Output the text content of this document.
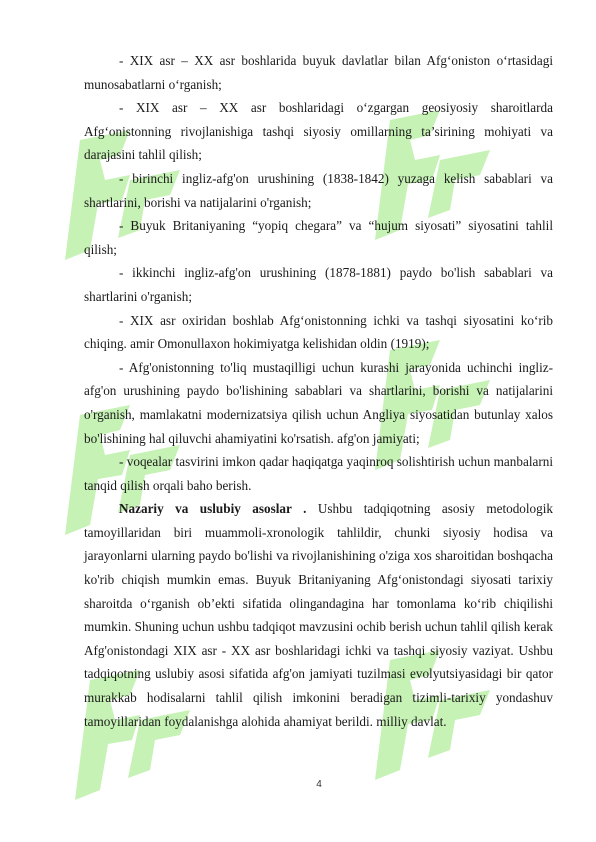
- XIX asr – XX asr boshlarida buyuk davlatlar bilan Afg‘oniston o‘rtasidagi munosabatlarni o‘rganish;

- XIX asr – XX asr boshlaridagi o‘zgargan geosiyosiy sharoitlarda Afg‘onistonning rivojlanishiga tashqi siyosiy omillarning ta’sirining mohiyati va darajasini tahlil qilish;

- birinchi ingliz-afg'on urushining (1838-1842) yuzaga kelish sabablari va shartlarini, borishi va natijalarini o'rganish;

- Buyuk Britaniyaning “yopiq chegara” va “hujum siyosati” siyosatini tahlil qilish;

- ikkinchi ingliz-afg'on urushining (1878-1881) paydo bo'lish sabablari va shartlarini o'rganish;

- XIX asr oxiridan boshlab Afg‘onistonning ichki va tashqi siyosatini ko‘rib chiqing. amir Omonullaxon hokimiyatga kelishidan oldin (1919);

- Afg'onistonning to'liq mustaqilligi uchun kurashi jarayonida uchinchi ingliz-afg'on urushining paydo bo'lishining sabablari va shartlarini, borishi va natijalarini o'rganish, mamlakatni modernizatsiya qilish uchun Angliya siyosatidan butunlay xalos bo'lishining hal qiluvchi ahamiyatini ko'rsatish. afg'on jamiyati;

- voqealar tasvirini imkon qadar haqiqatga yaqinroq solishtirish uchun manbalarni tanqid qilish orqali baho berish.

Nazariy va uslubiy asoslar . Ushbu tadqiqotning asosiy metodologik tamoyillaridan biri muammoli-xronologik tahlildir, chunki siyosiy hodisa va jarayonlarni ularning paydo bo'lishi va rivojlanishining o'ziga xos sharoitidan boshqacha ko'rib chiqish mumkin emas. Buyuk Britaniyaning Afg‘onistondagi siyosati tarixiy sharoitda o‘rganish ob’ekti sifatida olingandagina har tomonlama ko‘rib chiqilishi mumkin. Shuning uchun ushbu tadqiqot mavzusini ochib berish uchun tahlil qilish kerak Afg'onistondagi XIX asr - XX asr boshlaridagi ichki va tashqi siyosiy vaziyat. Ushbu tadqiqotning uslubiy asosi sifatida afg'on jamiyati tuzilmasi evolyutsiyasidagi bir qator murakkab hodisalarni tahlil qilish imkonini beradigan tizimli-tarixiy yondashuv tamoyillaridan foydalanishga alohida ahamiyat berildi. milliy davlat.

4
